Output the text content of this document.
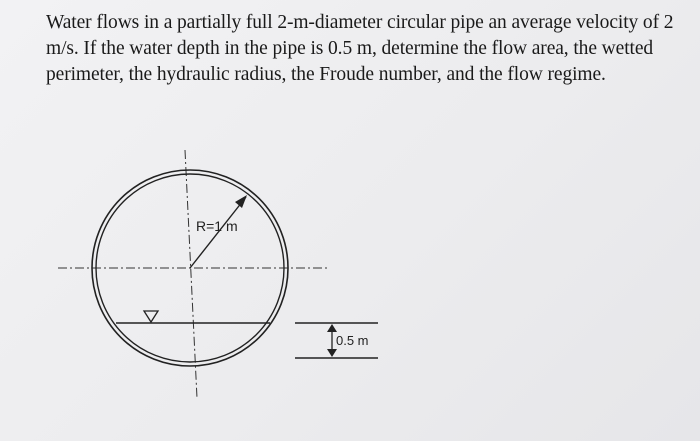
Water flows in a partially full 2-m-diameter circular pipe an average velocity of 2 m/s. If the water depth in the pipe is 0.5 m, determine the flow area, the wetted perimeter, the hydraulic radius, the Froude number, and the flow regime.

R=1 m
0.5 m
